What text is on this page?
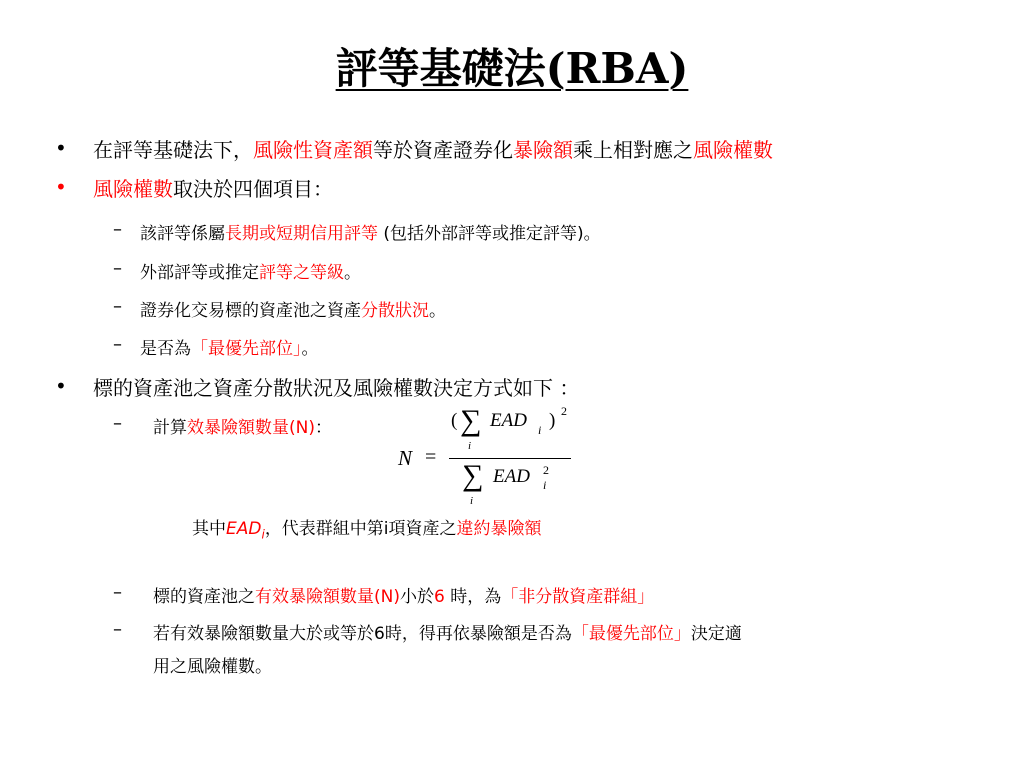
評等基礎法(RBA)
• 在評等基礎法下，風險性資產額等於資產證券化暴險額乘上相對應之風險權數
• 風險權數取決於四個項目：
– 該評等係屬長期或短期信用評等 (包括外部評等或推定評等)。
– 外部評等或推定評等之等級。
– 證券化交易標的資產池之資產分散狀況。
– 是否為「最優先部位」。
• 標的資產池之資產分散狀況及風險權數決定方式如下 ：
– 計算效暴險額數量(N)：
N =
( ∑
i
EAD i ) 2
∑
i
EAD 2
i
其中$EAD_i$，代表群組中第i項資產之違約暴險額
– 標的資產池之有效暴險額數量(N)小於6 時，為「非分散資產群組」
– 若有效暴險額數量大於或等於6時，得再依暴險額是否為「最優先部位」決定適
用之風險權數。
